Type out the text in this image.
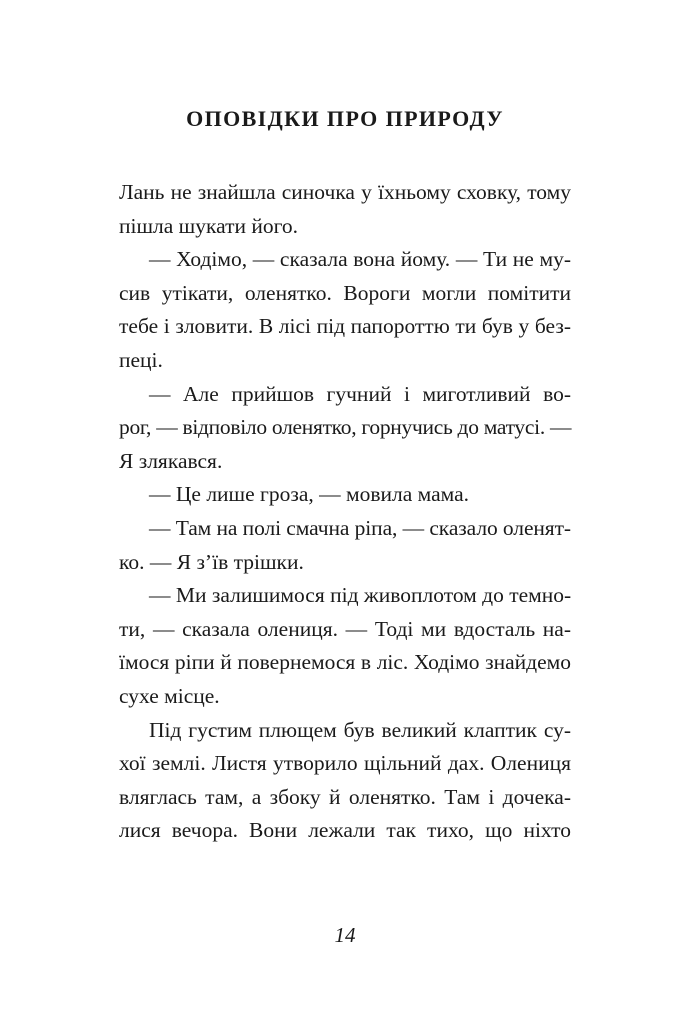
ОПОВІДКИ ПРО ПРИРОДУ
Лань не знайшла синочка у їхньому сховку, тому
пішла шукати його.
— Ходімо, — сказала вона йому. — Ти не му-
сив утікати, оленятко. Вороги могли помітити
тебе і зловити. В лісі під папороттю ти був у без-
пеці.
— Але прийшов гучний і миготливий во-
рог, — відповіло оленятко, горнучись до матусі. —
Я злякався.
— Це лише гроза, — мовила мама.
— Там на полі смачна ріпа, — сказало оленят-
ко. — Я з’їв трішки.
— Ми залишимося під живоплотом до темно-
ти, — сказала олениця. — Тоді ми вдосталь на-
їмося ріпи й повернемося в ліс. Ходімо знайдемо
сухе місце.
Під густим плющем був великий клаптик су-
хої землі. Листя утворило щільний дах. Олениця
вляглась там, а збоку й оленятко. Там і дочека-
лися вечора. Вони лежали так тихо, що ніхто
14
